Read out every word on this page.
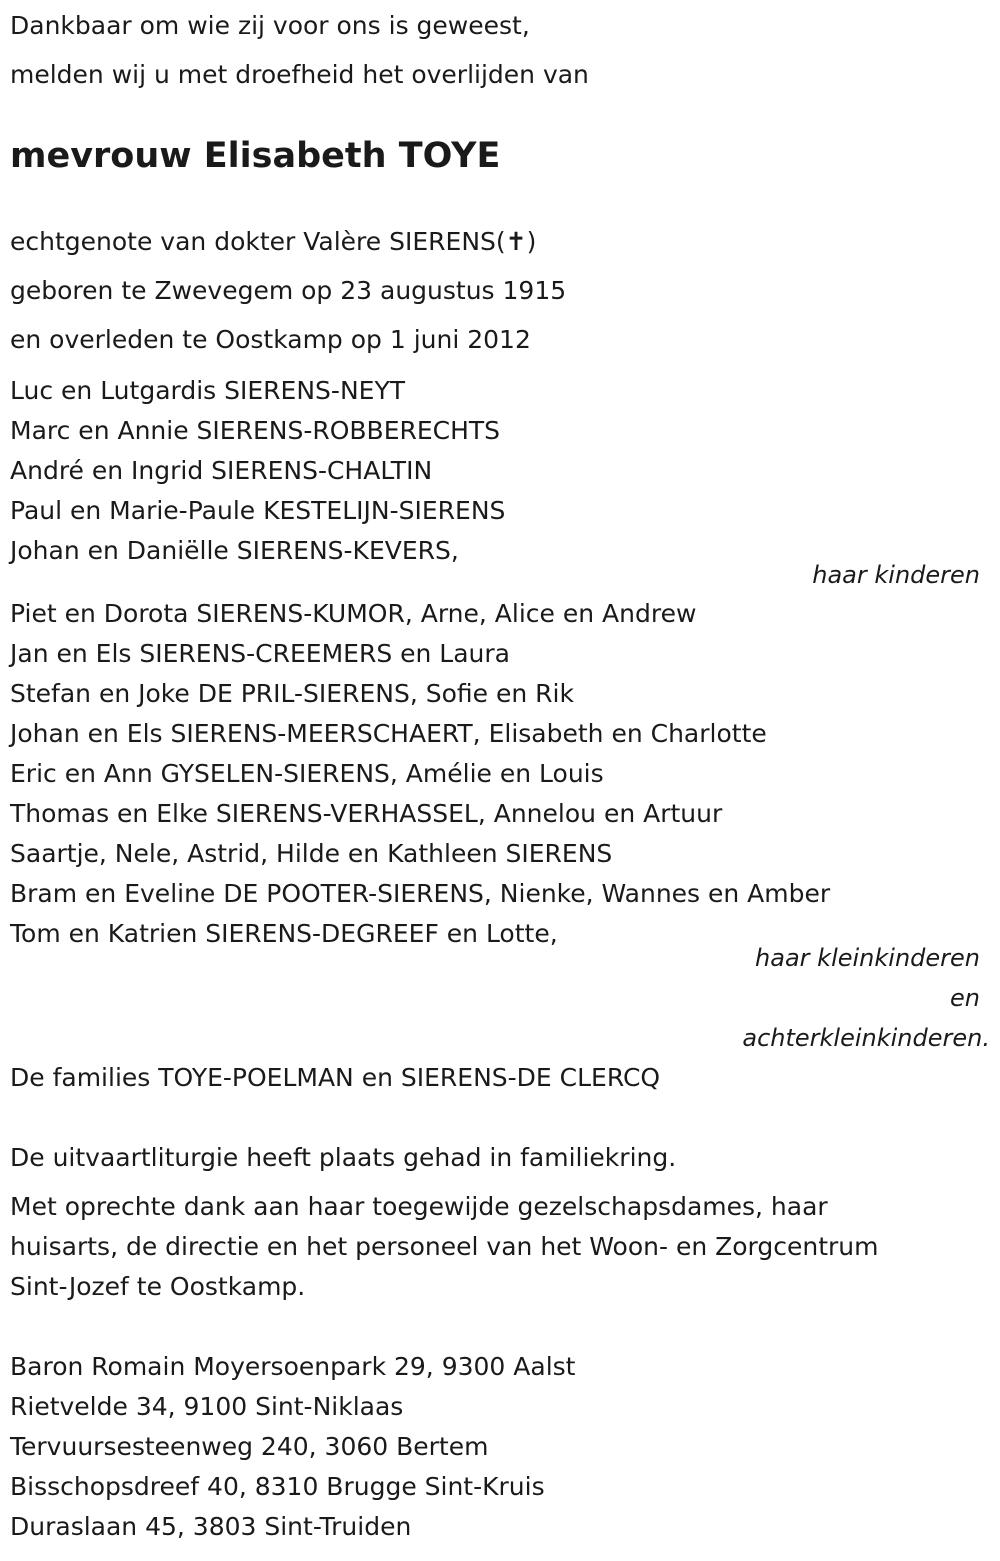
Dankbaar om wie zij voor ons is geweest,
melden wij u met droefheid het overlijden van
mevrouw Elisabeth TOYE
echtgenote van dokter Valère SIERENS(✝)
geboren te Zwevegem op 23 augustus 1915
en overleden te Oostkamp op 1 juni 2012
Luc en Lutgardis SIERENS-NEYT
Marc en Annie SIERENS-ROBBERECHTS
André en Ingrid SIERENS-CHALTIN
Paul en Marie-Paule KESTELIJN-SIERENS
Johan en Daniëlle SIERENS-KEVERS,
haar kinderen
Piet en Dorota SIERENS-KUMOR, Arne, Alice en Andrew
Jan en Els SIERENS-CREEMERS en Laura
Stefan en Joke DE PRIL-SIERENS, Sofie en Rik
Johan en Els SIERENS-MEERSCHAERT, Elisabeth en Charlotte
Eric en Ann GYSELEN-SIERENS, Amélie en Louis
Thomas en Elke SIERENS-VERHASSEL, Annelou en Artuur
Saartje, Nele, Astrid, Hilde en Kathleen SIERENS
Bram en Eveline DE POOTER-SIERENS, Nienke, Wannes en Amber
Tom en Katrien SIERENS-DEGREEF en Lotte,
haar kleinkinderen
en
achterkleinkinderen.
De families TOYE-POELMAN en SIERENS-DE CLERCQ
De uitvaartliturgie heeft plaats gehad in familiekring.
Met oprechte dank aan haar toegewijde gezelschapsdames, haar
huisarts, de directie en het personeel van het Woon- en Zorgcentrum
Sint-Jozef te Oostkamp.
Baron Romain Moyersoenpark 29, 9300 Aalst
Rietvelde 34, 9100 Sint-Niklaas
Tervuursesteenweg 240, 3060 Bertem
Bisschopsdreef 40, 8310 Brugge Sint-Kruis
Duraslaan 45, 3803 Sint-Truiden
